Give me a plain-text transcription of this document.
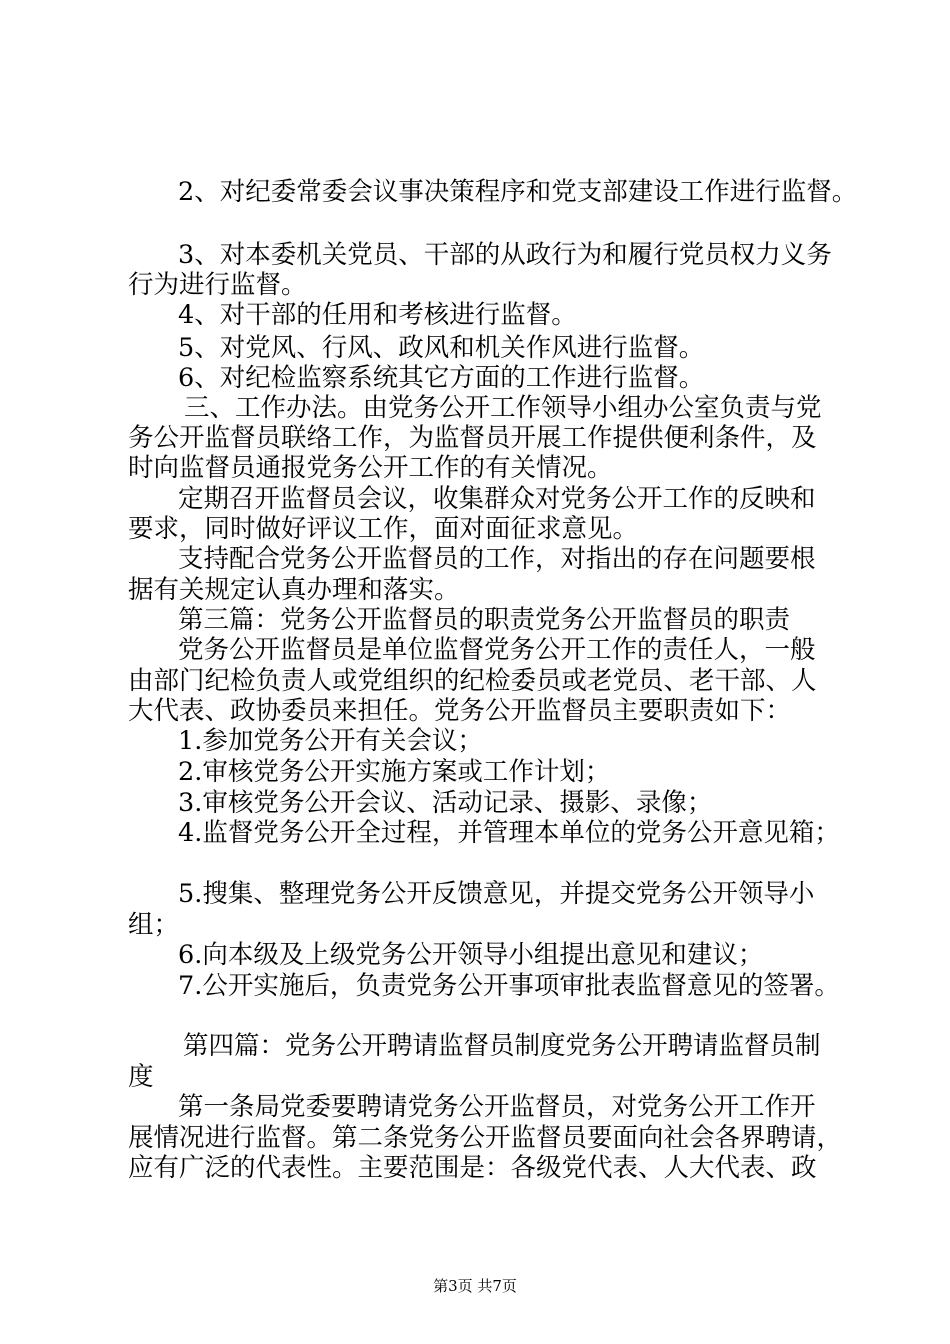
2、对纪委常委会议事决策程序和党支部建设工作进行监督。
3、对本委机关党员、干部的从政行为和履行党员权力义务
行为进行监督。
4、对干部的任用和考核进行监督。
5、对党风、行风、政风和机关作风进行监督。
6、对纪检监察系统其它方面的工作进行监督。
三、工作办法。由党务公开工作领导小组办公室负责与党
务公开监督员联络工作，为监督员开展工作提供便利条件，及
时向监督员通报党务公开工作的有关情况。
定期召开监督员会议，收集群众对党务公开工作的反映和
要求，同时做好评议工作，面对面征求意见。
支持配合党务公开监督员的工作，对指出的存在问题要根
据有关规定认真办理和落实。
第三篇：党务公开监督员的职责党务公开监督员的职责
党务公开监督员是单位监督党务公开工作的责任人，一般
由部门纪检负责人或党组织的纪检委员或老党员、老干部、人
大代表、政协委员来担任。党务公开监督员主要职责如下：
1.参加党务公开有关会议；
2.审核党务公开实施方案或工作计划；
3.审核党务公开会议、活动记录、摄影、录像；
4.监督党务公开全过程，并管理本单位的党务公开意见箱；
5.搜集、整理党务公开反馈意见，并提交党务公开领导小
组；
6.向本级及上级党务公开领导小组提出意见和建议；
7.公开实施后，负责党务公开事项审批表监督意见的签署。
第四篇：党务公开聘请监督员制度党务公开聘请监督员制
度
第一条局党委要聘请党务公开监督员，对党务公开工作开
展情况进行监督。第二条党务公开监督员要面向社会各界聘请，
应有广泛的代表性。主要范围是：各级党代表、人大代表、政
第3页 共7页
